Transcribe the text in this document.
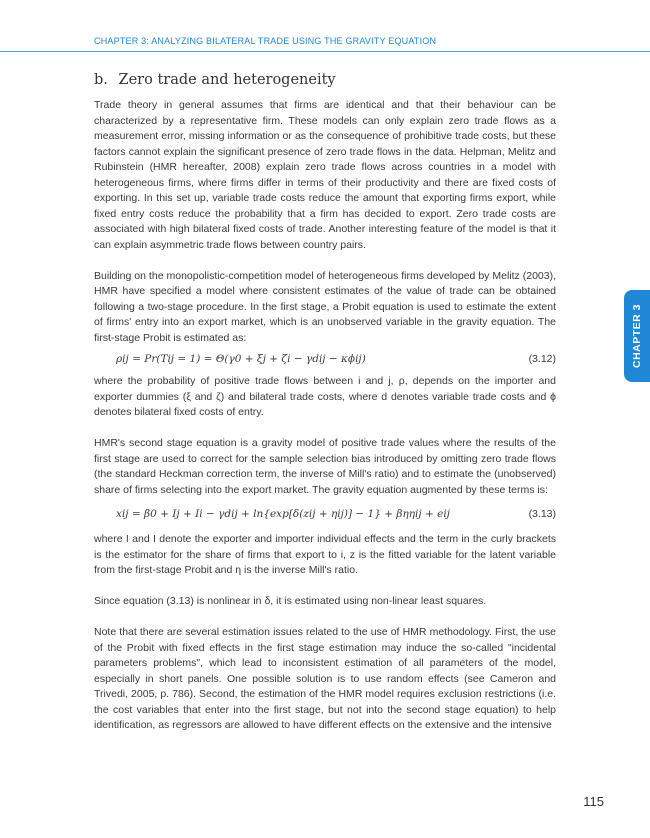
CHAPTER 3: ANALYZING BILATERAL TRADE USING THE GRAVITY EQUATION
b. Zero trade and heterogeneity

Trade theory in general assumes that firms are identical and that their behaviour can be characterized by a representative firm. These models can only explain zero trade flows as a measurement error, missing information or as the consequence of prohibitive trade costs, but these factors cannot explain the significant presence of zero trade flows in the data. Helpman, Melitz and Rubinstein (HMR hereafter, 2008) explain zero trade flows across countries in a model with heterogeneous firms, where firms differ in terms of their productivity and there are fixed costs of exporting. In this set up, variable trade costs reduce the amount that exporting firms export, while fixed entry costs reduce the probability that a firm has decided to export. Zero trade costs are associated with high bilateral fixed costs of trade. Another interesting feature of the model is that it can explain asymmetric trade flows between country pairs.

Building on the monopolistic-competition model of heterogeneous firms developed by Melitz (2003), HMR have specified a model where consistent estimates of the value of trade can be obtained following a two-stage procedure. In the first stage, a Probit equation is used to estimate the extent of firms' entry into an export market, which is an unobserved variable in the gravity equation. The first-stage Probit is estimated as:

ρij = Pr(Tij = 1) = Θ(γ0 + ξj + ζi − γdij − κϕij)	(3.12)

where the probability of positive trade flows between i and j, ρ, depends on the importer and exporter dummies (ξ and ζ) and bilateral trade costs, where d denotes variable trade costs and ϕ denotes bilateral fixed costs of entry.

HMR's second stage equation is a gravity model of positive trade values where the results of the first stage are used to correct for the sample selection bias introduced by omitting zero trade flows (the standard Heckman correction term, the inverse of Mill's ratio) and to estimate the (unobserved) share of firms selecting into the export market. The gravity equation augmented by these terms is:

xij = β0 + Ij + Ii − γdij + ln{exp[δ(zij + ηij)] − 1} + βηηij + eij	(3.13)

where I and I denote the exporter and importer individual effects and the term in the curly brackets is the estimator for the share of firms that export to i, z is the fitted variable for the latent variable from the first-stage Probit and η is the inverse Mill's ratio.

Since equation (3.13) is nonlinear in δ, it is estimated using non-linear least squares.

Note that there are several estimation issues related to the use of HMR methodology. First, the use of the Probit with fixed effects in the first stage estimation may induce the so-called "incidental parameters problems", which lead to inconsistent estimation of all parameters of the model, especially in short panels. One possible solution is to use random effects (see Cameron and Trivedi, 2005, p. 786). Second, the estimation of the HMR model requires exclusion restrictions (i.e. the cost variables that enter into the first stage, but not into the second stage equation) to help identification, as regressors are allowed to have different effects on the extensive and the intensive

CHAPTER 3
115
